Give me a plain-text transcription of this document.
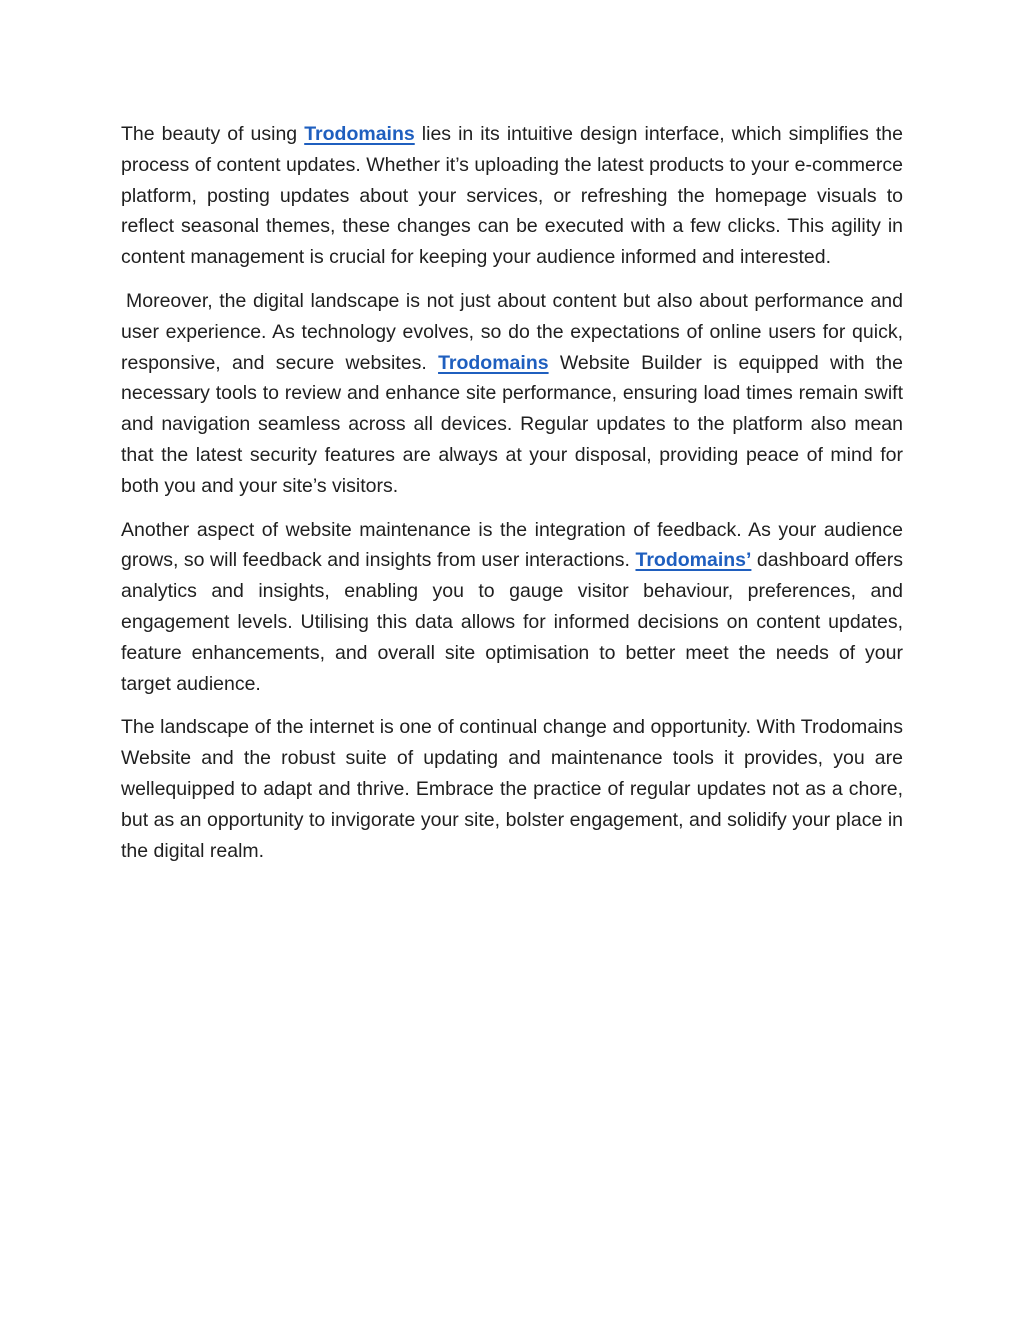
The beauty of using Trodomains lies in its intuitive design interface, which simplifies the process of content updates. Whether it’s uploading the latest products to your e-commerce platform, posting updates about your services, or refreshing the homepage visuals to reflect seasonal themes, these changes can be executed with a few clicks. This agility in content management is crucial for keeping your audience informed and interested.

Moreover, the digital landscape is not just about content but also about performance and user experience. As technology evolves, so do the expectations of online users for quick, responsive, and secure websites. Trodomains Website Builder is equipped with the necessary tools to review and enhance site performance, ensuring load times remain swift and navigation seamless across all devices. Regular updates to the platform also mean that the latest security features are always at your disposal, providing peace of mind for both you and your site’s visitors.

Another aspect of website maintenance is the integration of feedback. As your audience grows, so will feedback and insights from user interactions. Trodomains’ dashboard offers analytics and insights, enabling you to gauge visitor behaviour, preferences, and engagement levels. Utilising this data allows for informed decisions on content updates, feature enhancements, and overall site optimisation to better meet the needs of your target audience.

The landscape of the internet is one of continual change and opportunity. With Trodomains Website and the robust suite of updating and maintenance tools it provides, you are wellequipped to adapt and thrive. Embrace the practice of regular updates not as a chore, but as an opportunity to invigorate your site, bolster engagement, and solidify your place in the digital realm.
